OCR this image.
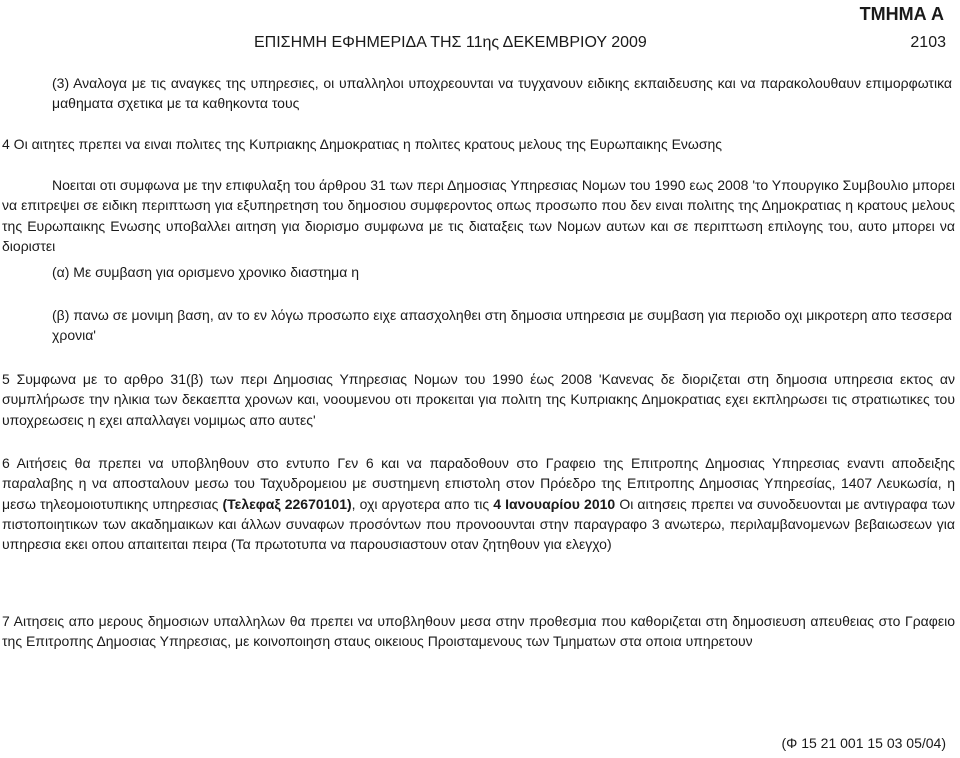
ΤΜΗΜΑ Α
ΕΠΙΣΗΜΗ ΕΦΗΜΕΡΙΔΑ ΤΗΣ 11ης ΔΕΚΕΜΒΡΙΟΥ 2009	2103
(3) Αναλογα με τις αναγκες της υπηρεσιες, οι υπαλληλοι υποχρεουνται να τυγχανουν ειδικης εκπαιδευσης και να παρακολουθαυν επιμορφωτικα μαθηματα σχετικα με τα καθηκοντα τους
4 Οι αιτητες πρεπει να ειναι πολιτες της Κυπριακης Δημοκρατιας η πολιτες κρατους μελους της Ευρωπαικης Ενωσης
Νοειται οτι συμφωνα με την επιφυλαξη του άρθρου 31 των περι Δημοσιας Υπηρεσιας Νομων του 1990 εως 2008 'το Υπουργικο Συμβουλιο μπορει να επιτρεψει σε ειδικη περιπτωση για εξυπηρετηση του δημοσιου συμφεροντος οπως προσωπο που δεν ειναι πολιτης της Δημοκρατιας η κρατους μελους της Ευρωπαικης Ενωσης υποβαλλει αιτηση για διορισμο συμφωνα με τις διαταξεις των Νομων αυτων και σε περιπτωση επιλογης του, αυτο μπορει να διοριστει
(α) Με συμβαση για ορισμενο χρονικο διαστημα η
(β) πανω σε μονιμη βαση, αν το εν λόγω προσωπο ειχε απασχοληθει στη δημοσια υπηρεσια με συμβαση για περιοδο οχι μικροτερη απο τεσσερα χρονια'
5 Συμφωνα με το αρθρο 31(β) των περι Δημοσιας Υπηρεσιας Νομων του 1990 έως 2008 'Κανενας δε διοριζεται στη δημοσια υπηρεσια εκτος αν συμπλήρωσε την ηλικια των δεκαεπτα χρονων και, νοουμενου οτι προκειται για πολιτη της Κυπριακης Δημοκρατιας εχει εκπληρωσει τις στρατιωτικες του υποχρεωσεις η εχει απαλλαγει νομιμως απο αυτες'
6 Αιτήσεις θα πρεπει να υποβληθουν στο εντυπο Γεν 6 και να παραδοθουν στο Γραφειο της Επιτροπης Δημοσιας Υπηρεσιας εναντι αποδειξης παραλαβης η να αποσταλουν μεσω του Ταχυδρομειου με συστημενη επιστολη στον Πρόεδρο της Επιτροπης Δημοσιας Υπηρεσίας, 1407 Λευκωσία, η μεσω τηλεομοιοτυπικης υπηρεσιας (Τελεφαξ 22670101), οχι αργοτερα απο τις 4 Ιανουαρίου 2010 Οι αιτησεις πρεπει να συνοδευονται με αντιγραφα των πιστοποιητικων των ακαδημαικων και άλλων συναφων προσόντων που προνοουνται στην παραγραφο 3 ανωτερω, περιλαμβανομενων βεβαιωσεων για υπηρεσια εκει οπου απαιτειται πειρα (Τα πρωτοτυπα να παρουσιαστουν οταν ζητηθουν για ελεγχο)
7 Αιτησεις απο μερους δημοσιων υπαλληλων θα πρεπει να υποβληθουν μεσα στην προθεσμια που καθοριζεται στη δημοσιευση απευθειας στο Γραφειο της Επιτροπης Δημοσιας Υπηρεσιας, με κοινοποιηση σταυς οικειους Προισταμενους των Τμηματων στα οποια υπηρετουν
(Φ 15 21 001 15 03 05/04)
